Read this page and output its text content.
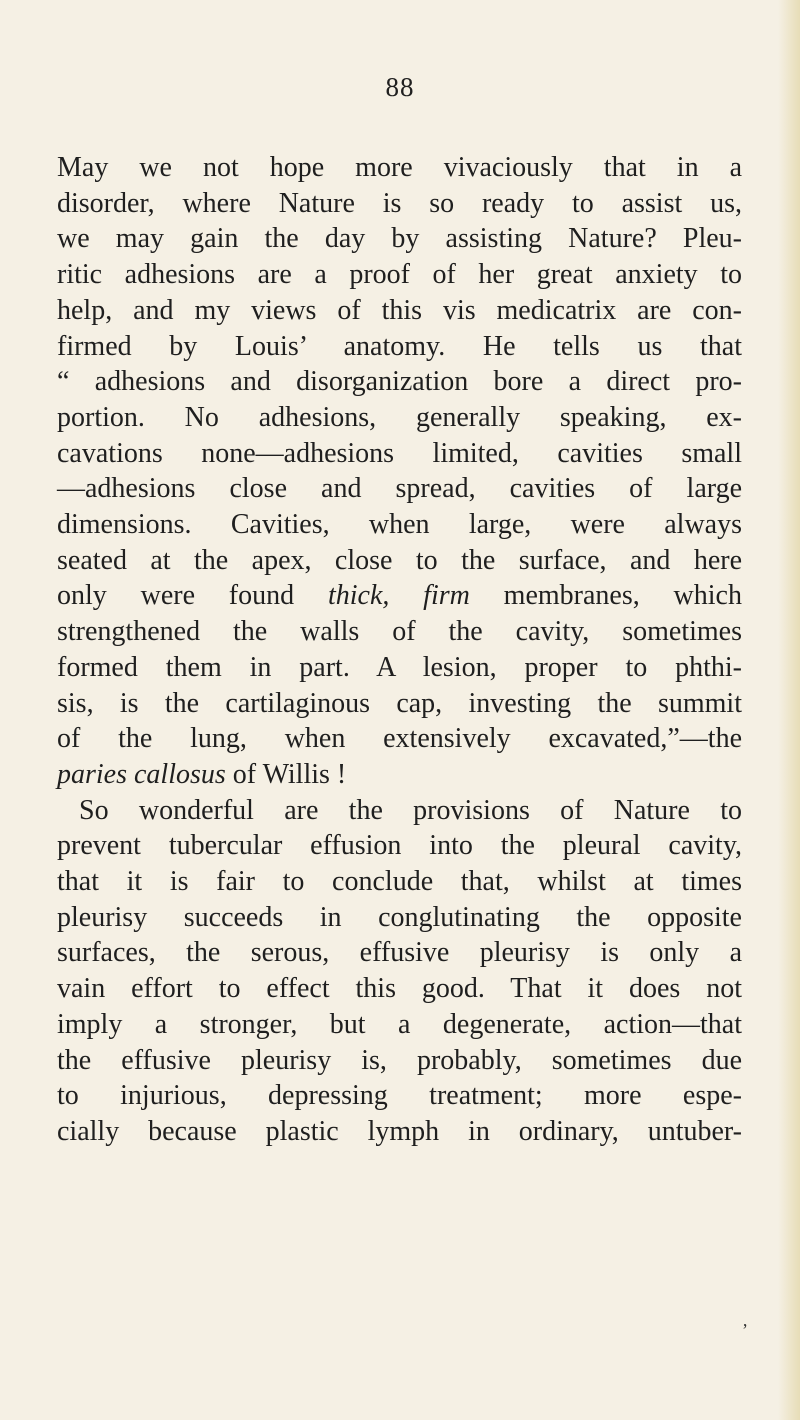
88
May we not hope more vivaciously that in a
disorder, where Nature is so ready to assist us,
we may gain the day by assisting Nature? Pleu-
ritic adhesions are a proof of her great anxiety to
help, and my views of this vis medicatrix are con-
firmed by Louis’ anatomy. He tells us that
“ adhesions and disorganization bore a direct pro-
portion. No adhesions, generally speaking, ex-
cavations none—adhesions limited, cavities small
—adhesions close and spread, cavities of large
dimensions. Cavities, when large, were always
seated at the apex, close to the surface, and here
only were found thick, firm membranes, which
strengthened the walls of the cavity, sometimes
formed them in part. A lesion, proper to phthi-
sis, is the cartilaginous cap, investing the summit
of the lung, when extensively excavated,”—the
paries callosus of Willis !
So wonderful are the provisions of Nature to
prevent tubercular effusion into the pleural cavity,
that it is fair to conclude that, whilst at times
pleurisy succeeds in conglutinating the opposite
surfaces, the serous, effusive pleurisy is only a
vain effort to effect this good. That it does not
imply a stronger, but a degenerate, action—that
the effusive pleurisy is, probably, sometimes due
to injurious, depressing treatment; more espe-
cially because plastic lymph in ordinary, untuber-
’
